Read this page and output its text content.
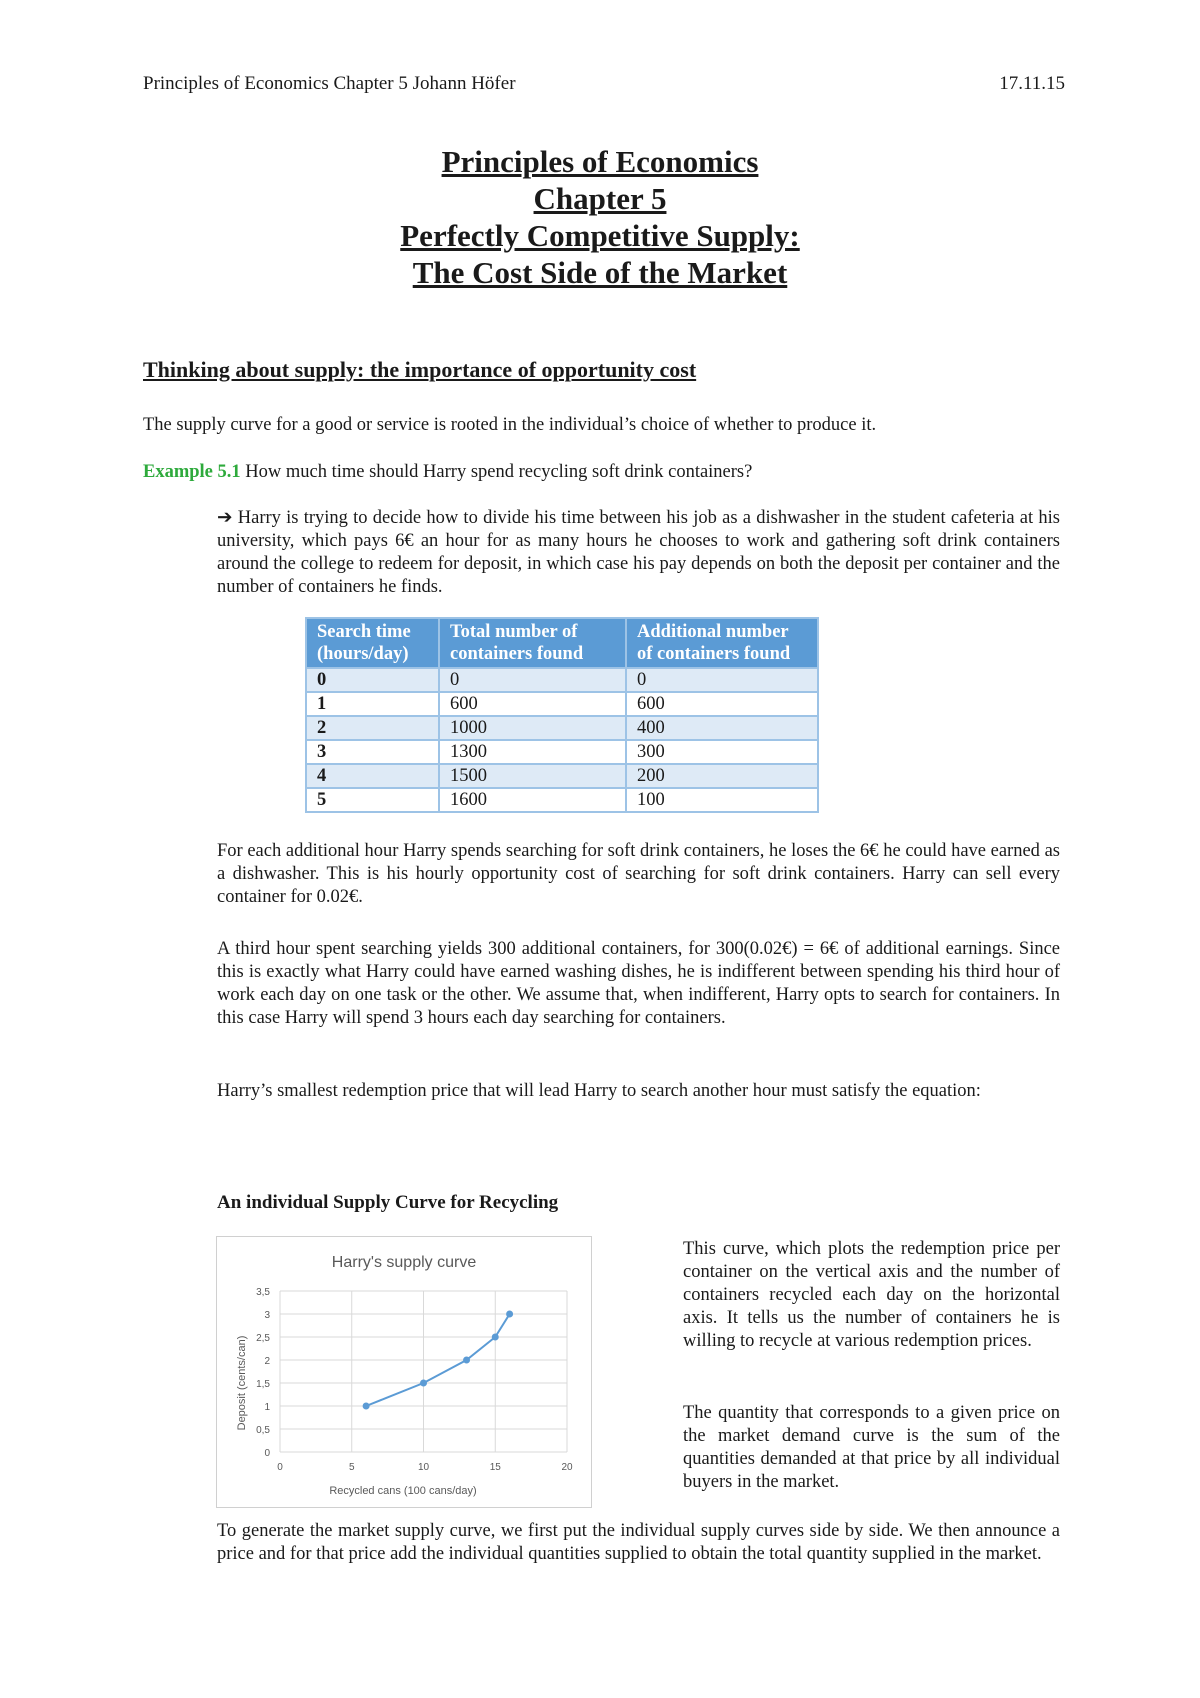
Principles of Economics Chapter 5 Johann Höfer	17.11.15
Principles of Economics
Chapter 5
Perfectly Competitive Supply:
The Cost Side of the Market
Thinking about supply: the importance of opportunity cost
The supply curve for a good or service is rooted in the individual’s choice of whether to produce it.
Example 5.1 How much time should Harry spend recycling soft drink containers?
➔ Harry is trying to decide how to divide his time between his job as a dishwasher in the student cafeteria at his university, which pays 6€ an hour for as many hours he chooses to work and gathering soft drink containers around the college to redeem for deposit, in which case his pay depends on both the deposit per container and the number of containers he finds.
Search time (hours/day)	Total number of containers found	Additional number of containers found
0	0	0
1	600	600
2	1000	400
3	1300	300
4	1500	200
5	1600	100
For each additional hour Harry spends searching for soft drink containers, he loses the 6€ he could have earned as a dishwasher. This is his hourly opportunity cost of searching for soft drink containers. Harry can sell every container for 0.02€.
A third hour spent searching yields 300 additional containers, for 300(0.02€) = 6€ of additional earnings. Since this is exactly what Harry could have earned washing dishes, he is indifferent between spending his third hour of work each day on one task or the other. We assume that, when indifferent, Harry opts to search for containers. In this case Harry will spend 3 hours each day searching for containers.
Harry’s smallest redemption price that will lead Harry to search another hour must satisfy the equation:
An individual Supply Curve for Recycling
Harry's supply curve
0
0,5
1
1,5
2
2,5
3
3,5
0	5	10	15	20
Recycled cans (100 cans/day)
Deposit (cents/can)
This curve, which plots the redemption price per container on the vertical axis and the number of containers recycled each day on the horizontal axis. It tells us the number of containers he is willing to recycle at various redemption prices.
The quantity that corresponds to a given price on the market demand curve is the sum of the quantities demanded at that price by all individual buyers in the market.
To generate the market supply curve, we first put the individual supply curves side by side. We then announce a price and for that price add the individual quantities supplied to obtain the total quantity supplied in the market.
